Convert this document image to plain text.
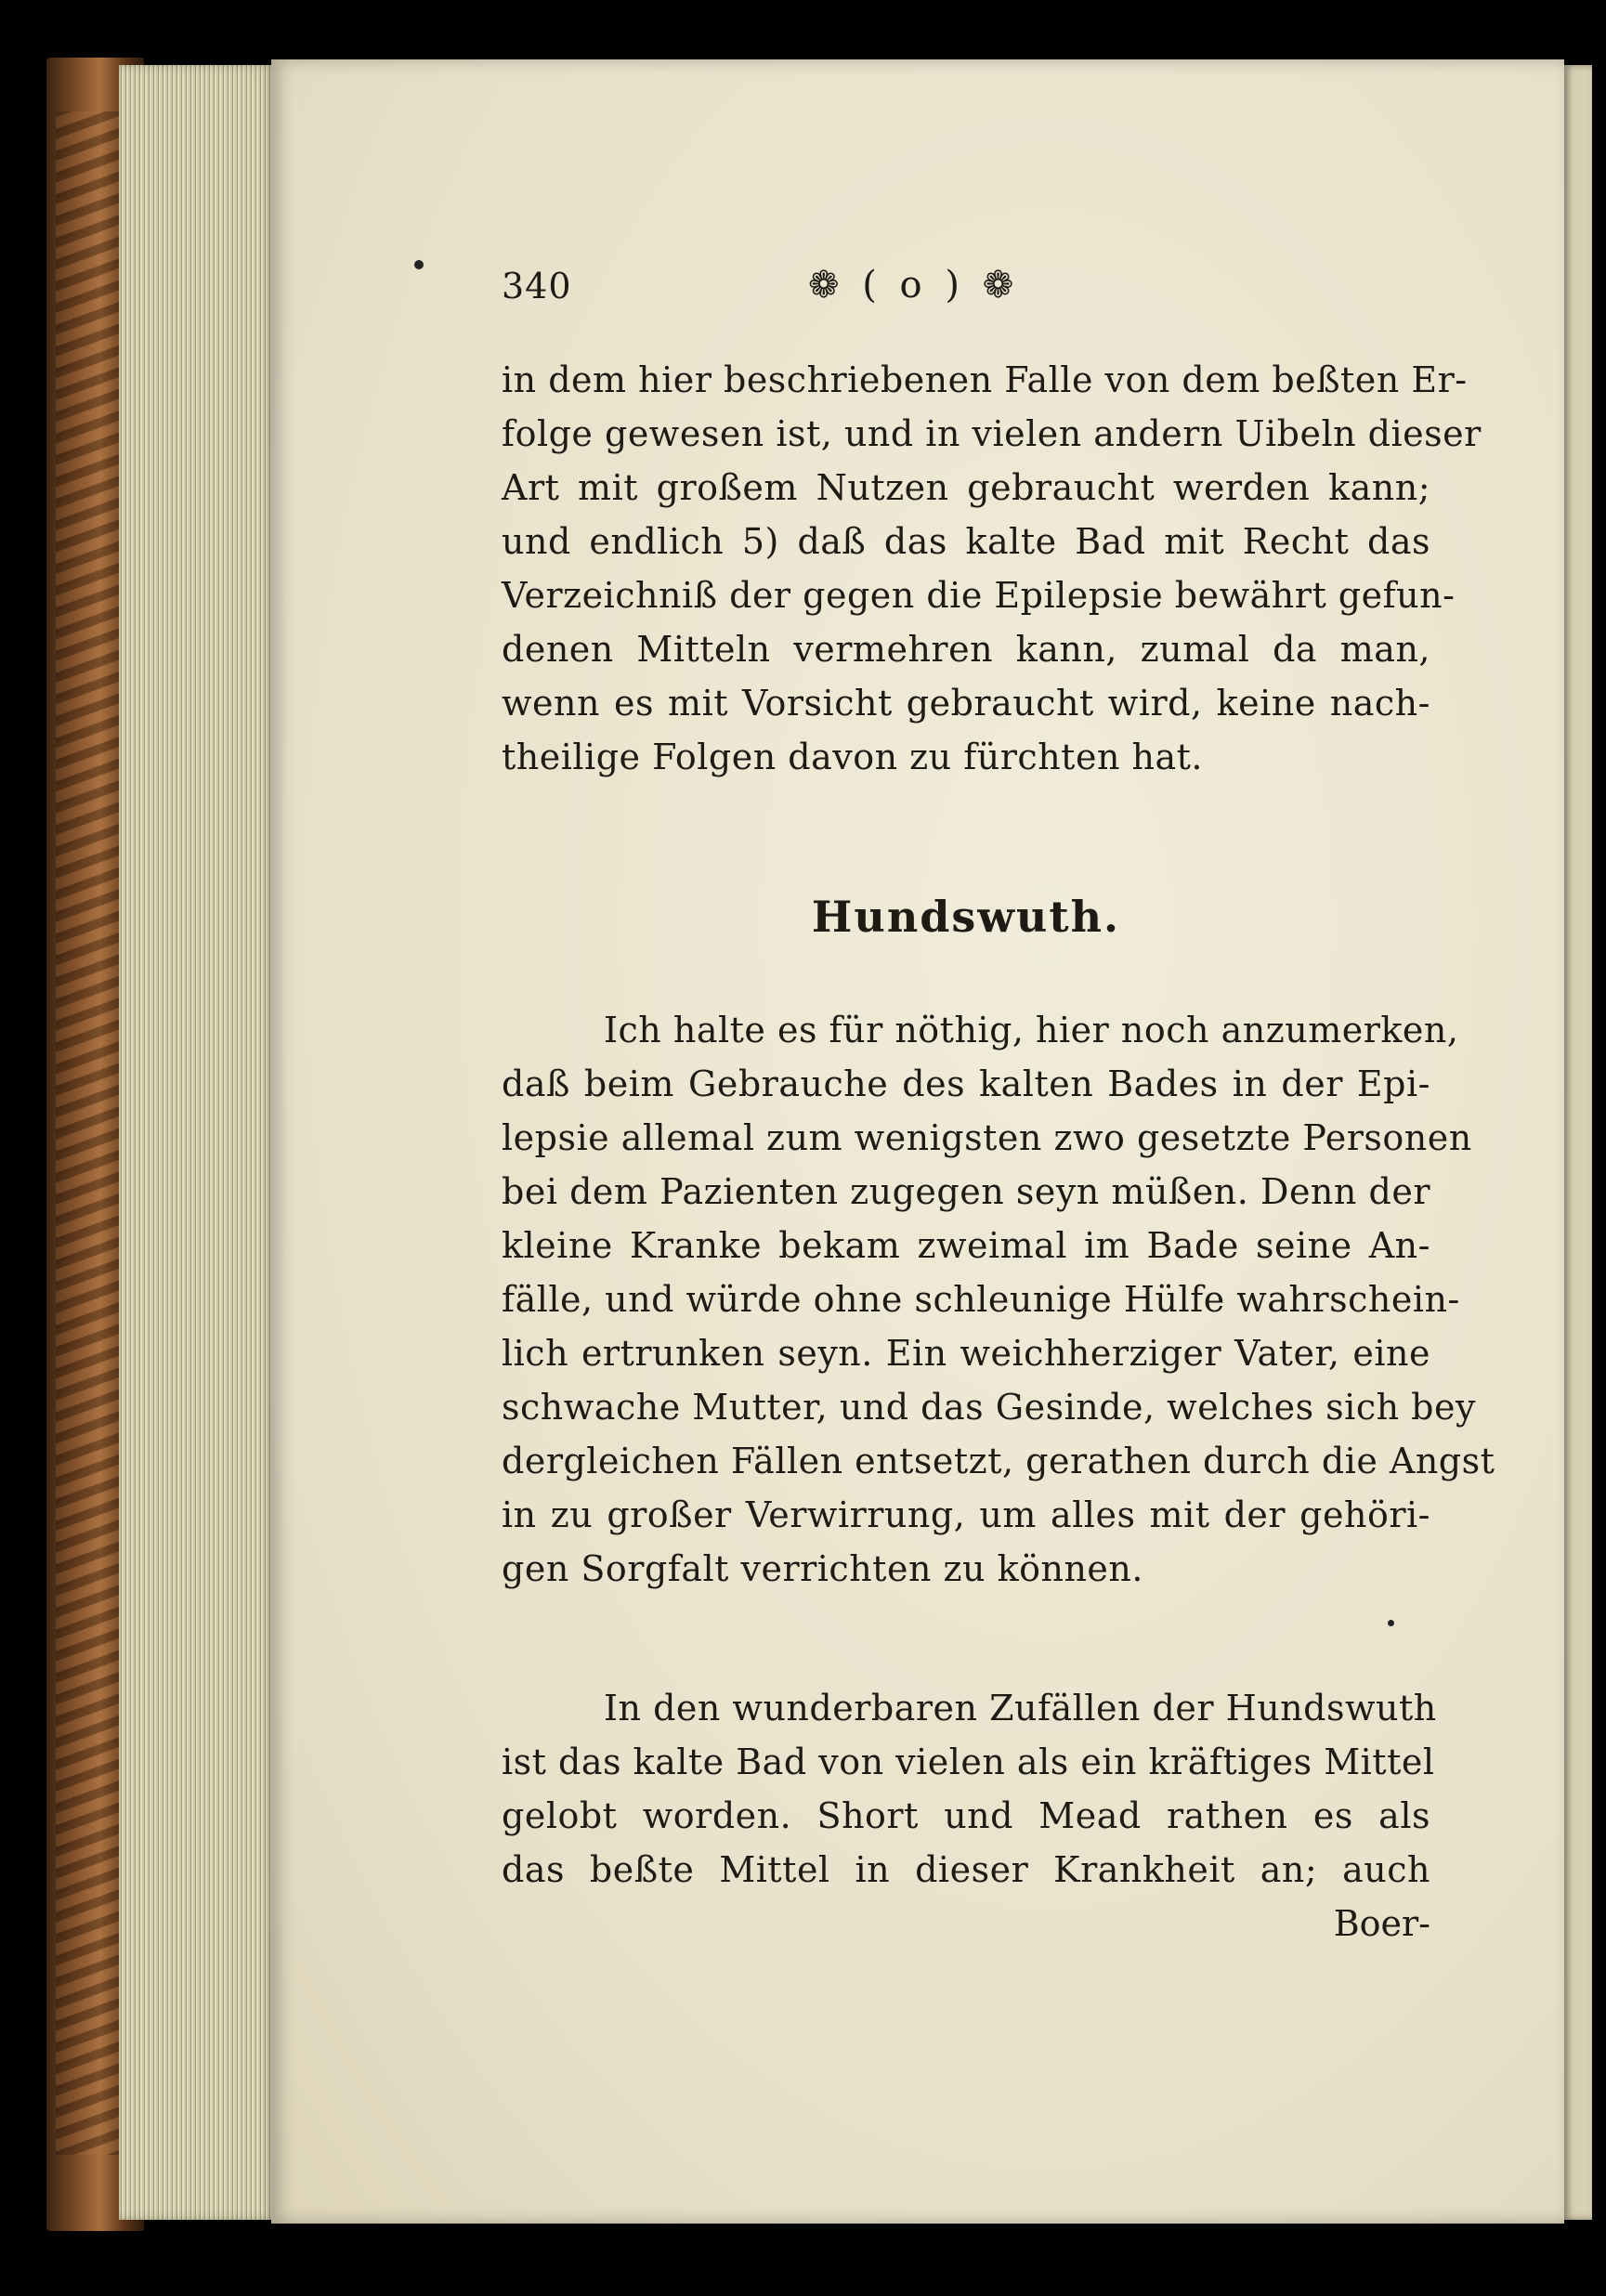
340	❁ ( o ) ❁
in dem hier beschriebenen Falle von dem beßten Er-
folge gewesen ist, und in vielen andern Uibeln dieser
Art mit großem Nutzen gebraucht werden kann;
und endlich 5) daß das kalte Bad mit Recht das
Verzeichniß der gegen die Epilepsie bewährt gefun-
denen Mitteln vermehren kann, zumal da man,
wenn es mit Vorsicht gebraucht wird, keine nach-
theilige Folgen davon zu fürchten hat.
Hundswuth.
Ich halte es für nöthig, hier noch anzumerken,
daß beim Gebrauche des kalten Bades in der Epi-
lepsie allemal zum wenigsten zwo gesetzte Personen
bei dem Pazienten zugegen seyn müßen. Denn der
kleine Kranke bekam zweimal im Bade seine An-
fälle, und würde ohne schleunige Hülfe wahrschein-
lich ertrunken seyn. Ein weichherziger Vater, eine
schwache Mutter, und das Gesinde, welches sich bey
dergleichen Fällen entsetzt, gerathen durch die Angst
in zu großer Verwirrung, um alles mit der gehöri-
gen Sorgfalt verrichten zu können.
In den wunderbaren Zufällen der Hundswuth
ist das kalte Bad von vielen als ein kräftiges Mittel
gelobt worden. Short und Mead rathen es als
das beßte Mittel in dieser Krankheit an; auch
Boer-
